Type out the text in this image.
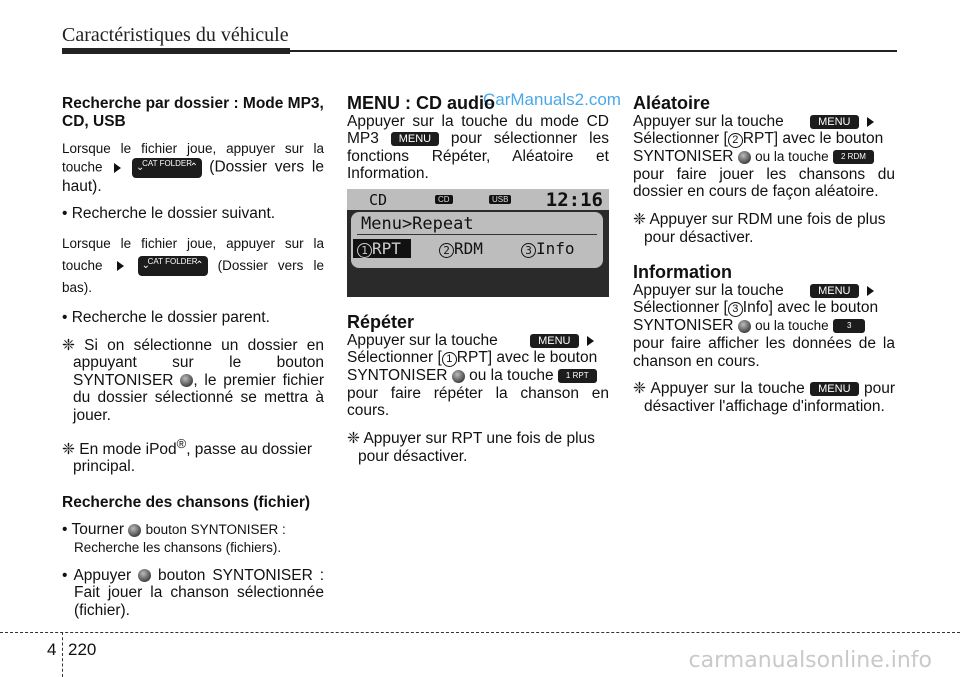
Caractéristiques du véhicule
CarManuals2.com

Recherche par dossier : Mode MP3, CD, USB

Lorsque le fichier joue, appuyer sur la touche	⌄
CAT FOLDER
⌃ (Dossier vers le haut).

• Recherche le dossier suivant.

Lorsque le fichier joue, appuyer sur la touche	⌄
CAT FOLDER
⌃ (Dossier vers le bas).

• Recherche le dossier parent.

❈ Si on sélectionne un dossier en appuyant sur le bouton SYNTONISER , le premier fichier du dossier sélectionné se mettra à jouer.

❈ En mode iPod®, passe au dossier principal.

Recherche des chansons (fichier)

• Tourner bouton SYNTONISER : Recherche les chansons (fichiers).

• Appuyer bouton SYNTONISER : Fait jouer la chanson sélectionnée (fichier).

MENU : CD audio

Appuyer sur la touche du mode CD MP3 MENU pour sélectionner les fonctions Répéter, Aléatoire et Information.

CD	CD	USB 12:16
Menu>Repeat
1 RPT	2 RDM	3 Info

Répéter

Appuyer sur la touche	MENU

Sélectionner [ 1 RPT] avec le bouton SYNTONISER ou la touche 1 RPT

pour faire répéter la chanson en cours.

❈ Appuyer sur RPT une fois de plus pour désactiver.

Aléatoire

Appuyer sur la touche	MENU

Sélectionner [ 2 RPT] avec le bouton SYNTONISER ou la touche 2 RDM

pour faire jouer les chansons du dossier en cours de façon aléatoire.

❈ Appuyer sur RDM une fois de plus pour désactiver.

Information

Appuyer sur la touche	MENU

Sélectionner [ 3 Info] avec le bouton SYNTONISER ou la touche 3

pour faire afficher les données de la chanson en cours.

❈ Appuyer sur la touche MENU pour désactiver l'affichage d'information.

4 220	carmanualsonline.info
